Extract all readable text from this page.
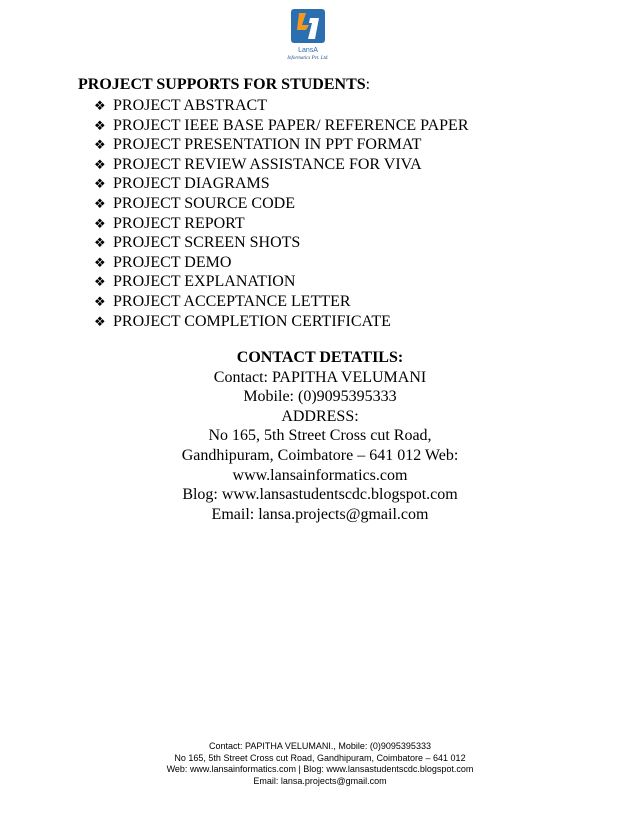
LansA
Informatics Pvt. Ltd.
PROJECT SUPPORTS FOR STUDENTS:
❖ PROJECT ABSTRACT
❖ PROJECT IEEE BASE PAPER/ REFERENCE PAPER
❖ PROJECT PRESENTATION IN PPT FORMAT
❖ PROJECT REVIEW ASSISTANCE FOR VIVA
❖ PROJECT DIAGRAMS
❖ PROJECT SOURCE CODE
❖ PROJECT REPORT
❖ PROJECT SCREEN SHOTS
❖ PROJECT DEMO
❖ PROJECT EXPLANATION
❖ PROJECT ACCEPTANCE LETTER
❖ PROJECT COMPLETION CERTIFICATE
CONTACT DETATILS:
Contact: PAPITHA VELUMANI
Mobile: (0)9095395333
ADDRESS:
No 165, 5th Street Cross cut Road,
Gandhipuram, Coimbatore – 641 012 Web:
www.lansainformatics.com
Blog: www.lansastudentscdc.blogspot.com
Email: lansa.projects@gmail.com
Contact: PAPITHA VELUMANI., Mobile: (0)9095395333
No 165, 5th Street Cross cut Road, Gandhipuram, Coimbatore – 641 012
Web: www.lansainformatics.com | Blog: www.lansastudentscdc.blogspot.com
Email: lansa.projects@gmail.com
